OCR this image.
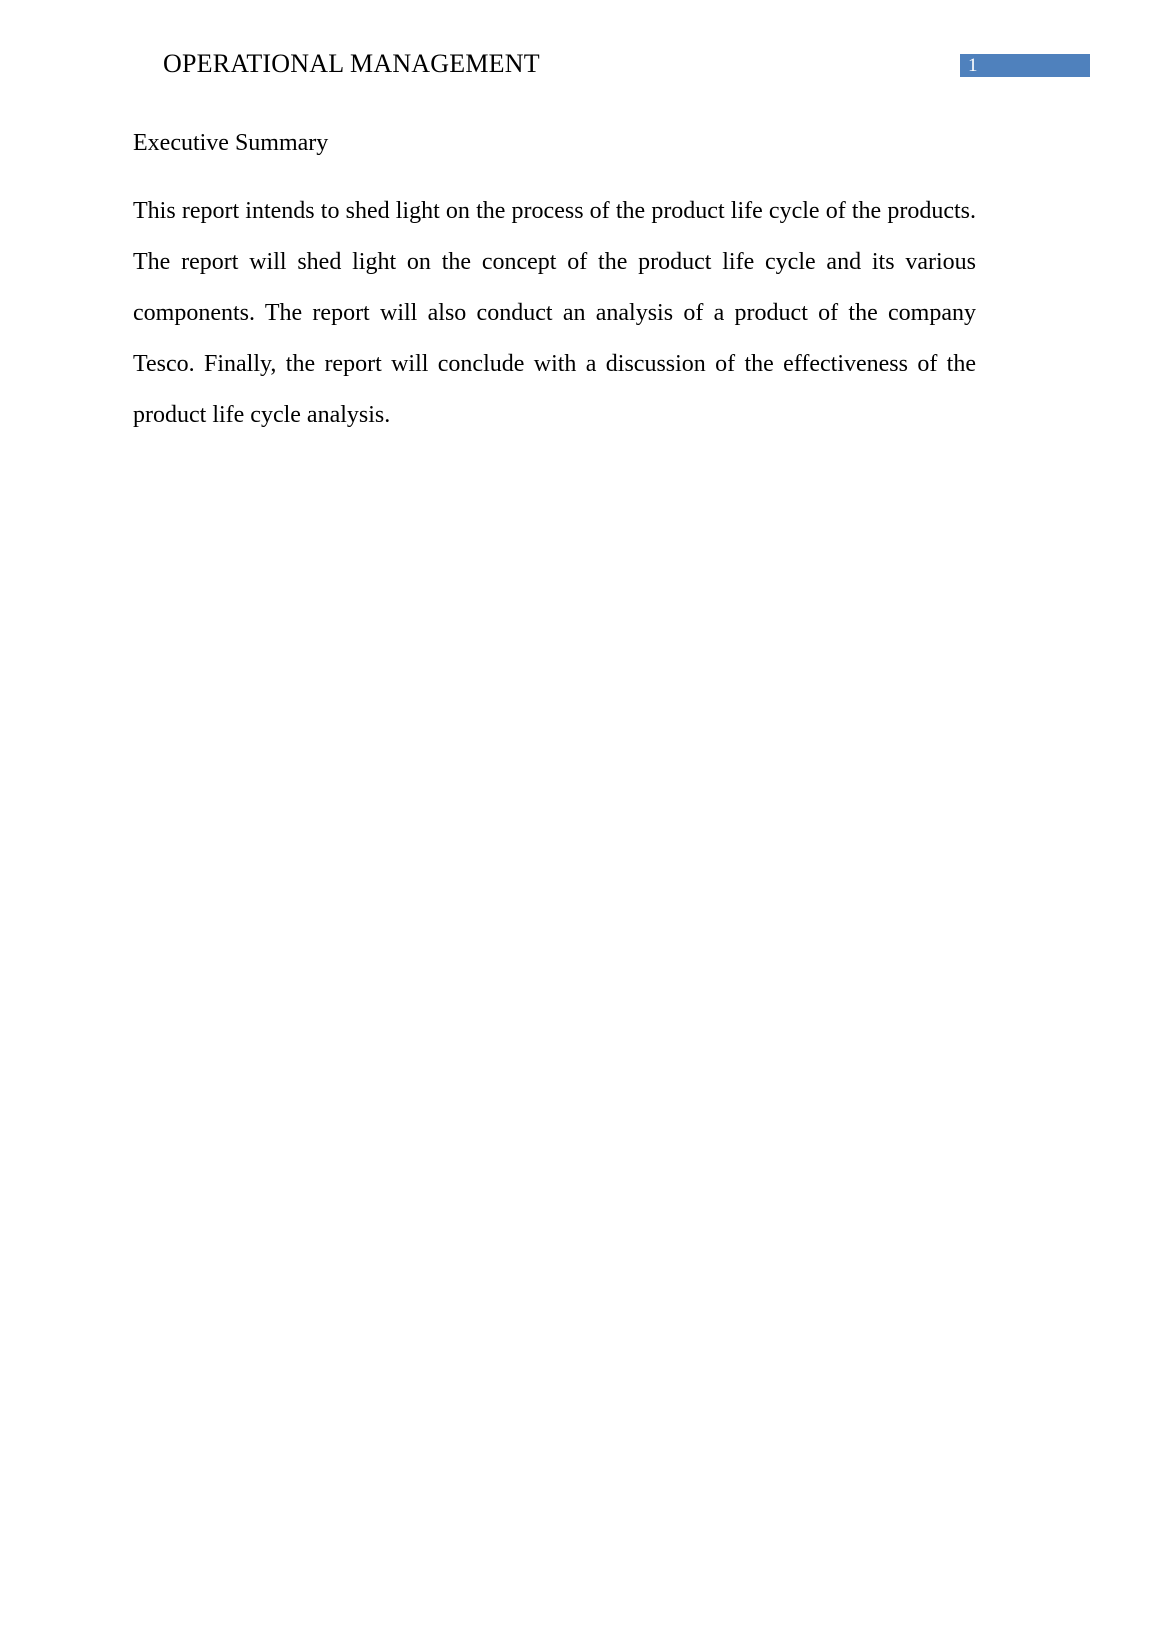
OPERATIONAL MANAGEMENT	1
Executive Summary

This report intends to shed light on the process of the product life cycle of the products. The report will shed light on the concept of the product life cycle and its various components. The report will also conduct an analysis of a product of the company Tesco. Finally, the report will conclude with a discussion of the effectiveness of the product life cycle analysis.
